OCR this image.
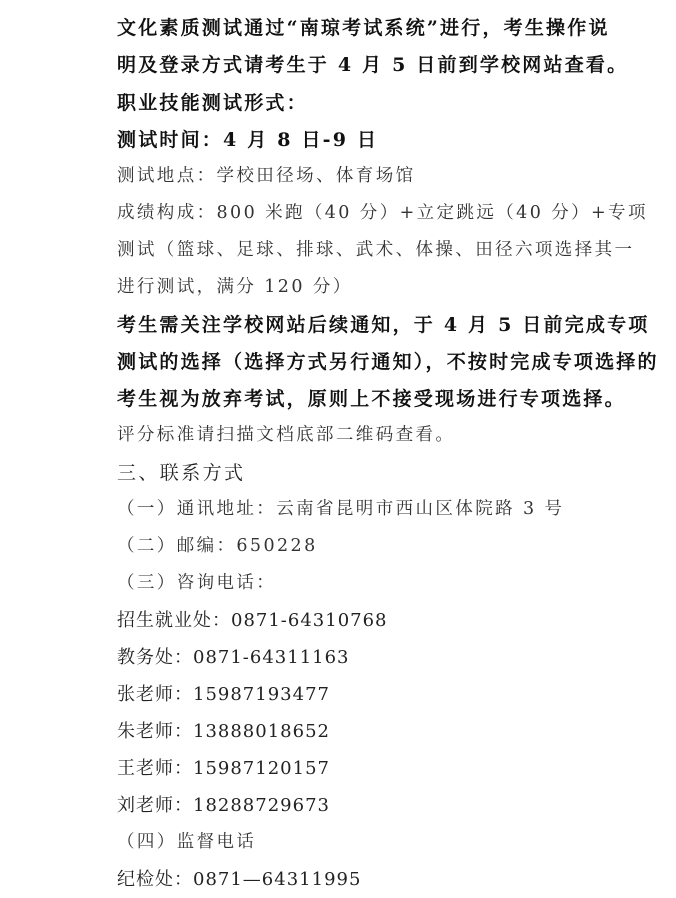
文化素质测试通过“南琼考试系统”进行，考生操作说
明及登录方式请考生于 4 月 5 日前到学校网站查看。
职业技能测试形式：
测试时间：4 月 8 日-9 日
测试地点：学校田径场、体育场馆
成绩构成：800 米跑（40 分）+立定跳远（40 分）+专项
测试（篮球、足球、排球、武术、体操、田径六项选择其一
进行测试，满分 120 分）
考生需关注学校网站后续通知，于 4 月 5 日前完成专项
测试的选择（选择方式另行通知），不按时完成专项选择的
考生视为放弃考试，原则上不接受现场进行专项选择。
评分标准请扫描文档底部二维码查看。
三、联系方式
（一）通讯地址：云南省昆明市西山区体院路 3 号
（二）邮编：650228
（三）咨询电话：
招生就业处：0871-64310768
教务处：0871-64311163
张老师：15987193477
朱老师：13888018652
王老师：15987120157
刘老师：18288729673
（四）监督电话
纪检处：0871—64311995
